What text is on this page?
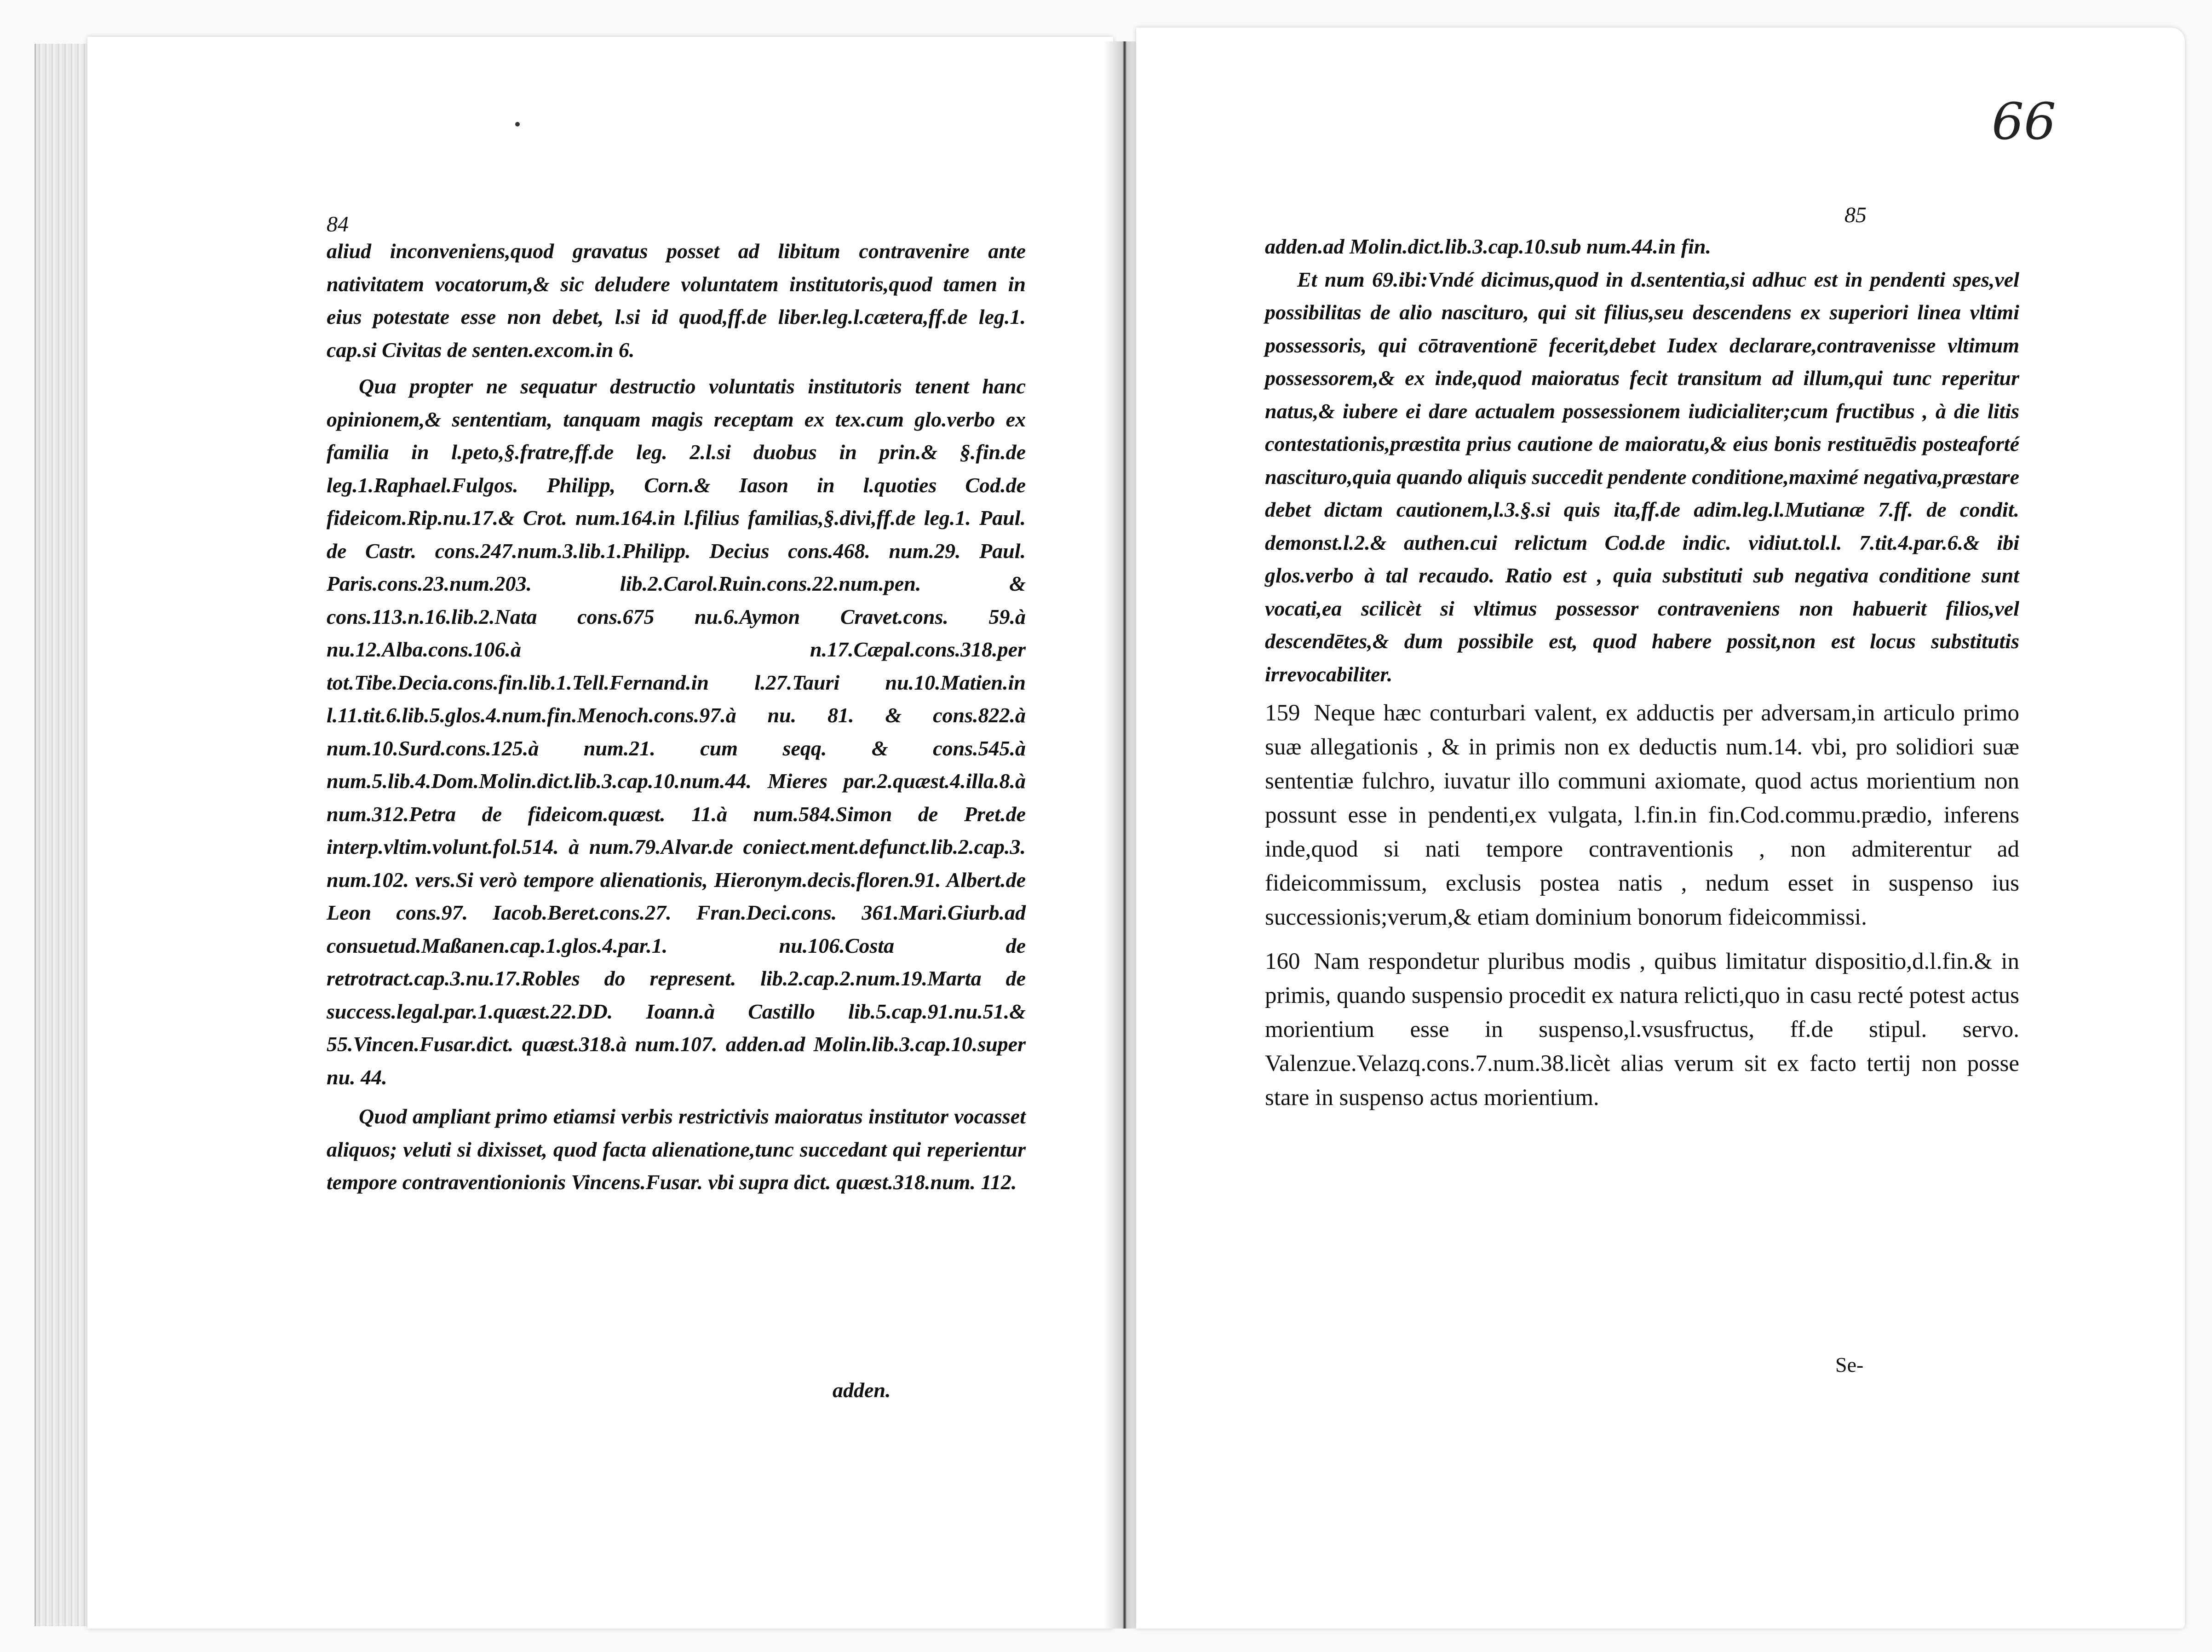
84

aliud inconveniens,quod gravatus posset ad libitum contravenire ante nativitatem vocatorum,& sic deludere voluntatem institutoris,quod tamen in eius potestate esse non debet, l.si id quod,ff.de liber.leg.l.cætera,ff.de leg.1. cap.si Civitas de senten.excom.in 6.

Qua propter ne sequatur destructio voluntatis institutoris tenent hanc opinionem,& sententiam, tanquam magis receptam ex tex.cum glo.verbo ex familia in l.peto,§.fratre,ff.de leg. 2.l.si duobus in prin.& §.fin.de leg.1.Raphael.Fulgos. Philipp, Corn.& Iason in l.quoties Cod.de fideicom.Rip.nu.17.& Crot. num.164.in l.filius familias,§.divi,ff.de leg.1. Paul. de Castr. cons.247.num.3.lib.1.Philipp. Decius cons.468. num.29. Paul. Paris.cons.23.num.203. lib.2.Carol.Ruin.cons.22.num.pen. & cons.113.n.16.lib.2.Nata cons.675 nu.6.Aymon Cravet.cons. 59.à nu.12.Alba.cons.106.à n.17.Cæpal.cons.318.per tot.Tibe.Decia.cons.fin.lib.1.Tell.Fernand.in l.27.Tauri nu.10.Matien.in l.11.tit.6.lib.5.glos.4.num.fin.Menoch.cons.97.à nu. 81. & cons.822.à num.10.Surd.cons.125.à num.21. cum seqq. & cons.545.à num.5.lib.4.Dom.Molin.dict.lib.3.cap.10.num.44. Mieres par.2.quæst.4.illa.8.à num.312.Petra de fideicom.quæst. 11.à num.584.Simon de Pret.de interp.vltim.volunt.fol.514. à num.79.Alvar.de coniect.ment.defunct.lib.2.cap.3. num.102. vers.Si verò tempore alienationis, Hieronym.decis.floren.91. Albert.de Leon cons.97. Iacob.Beret.cons.27. Fran.Deci.cons. 361.Mari.Giurb.ad consuetud.Maßanen.cap.1.glos.4.par.1. nu.106.Costa de retrotract.cap.3.nu.17.Robles do represent. lib.2.cap.2.num.19.Marta de success.legal.par.1.quæst.22.DD. Ioann.à Castillo lib.5.cap.91.nu.51.& 55.Vincen.Fusar.dict. quæst.318.à num.107. adden.ad Molin.lib.3.cap.10.super nu. 44.

Quod ampliant primo etiamsi verbis restrictivis maioratus institutor vocasset aliquos; veluti si dixisset, quod facta alienatione,tunc succedant qui reperientur tempore contraventionionis Vincens.Fusar. vbi supra dict. quæst.318.num. 112.

adden.
66
85

adden.ad Molin.dict.lib.3.cap.10.sub num.44.in fin.

Et num 69.ibi:Vndé dicimus,quod in d.sententia,si adhuc est in pendenti spes,vel possibilitas de alio nasciturо, qui sit filius,seu descendens ex superiori linea vltimi possessoris, qui cōtraventionē fecerit,debet Iudex declarare,contravenisse vltimum possessorem,& ex inde,quod maioratus fecit transitum ad illum,qui tunc reperitur natus,& iubere ei dare actualem possessionem iudicialiter;cum fructibus , à die litis contestationis,præstita prius cautione de maioratu,& eius bonis restituēdis posteaforté nascituro,quia quando aliquis succedit pendente conditione,maximé negativa,præstare debet dictam cautionem,l.3.§.si quis ita,ff.de adim.leg.l.Mutianæ 7.ff. de condit. demonst.l.2.& authen.cui relictum Cod.de indic. vidiut.tol.l. 7.tit.4.par.6.& ibi glos.verbo à tal recaudo. Ratio est , quia substituti sub negativa conditione sunt vocati,ea scilicèt si vltimus possessor contraveniens non habuerit filios,vel descendētes,& dum possibile est, quod habere possit,non est locus substitutis irrevocabiliter.

159 Neque hæc conturbari valent, ex adductis per adversam,in articulo primo suæ allegationis , & in primis non ex deductis num.14. vbi, pro solidiori suæ sententiæ fulchro, iuvatur illo communi axiomate, quod actus morientium non possunt esse in pendenti,ex vulgata, l.fin.in fin.Cod.commu.prædio, inferens inde,quod si nati tempore contraventionis , non admiterentur ad fideicommissum, exclusis postea natis , nedum esset in suspenso ius successionis;verum,& etiam dominium bonorum fideicommissi.

160 Nam respondetur pluribus modis , quibus limitatur dispositio,d.l.fin.& in primis, quando suspensio procedit ex natura relicti,quo in casu recté potest actus morientium esse in suspenso,l.vsusfructus, ff.de stipul. servo. Valenzue.Velazq.cons.7.num.38.licèt alias verum sit ex facto tertij non posse stare in suspenso actus morientium.

Se-
